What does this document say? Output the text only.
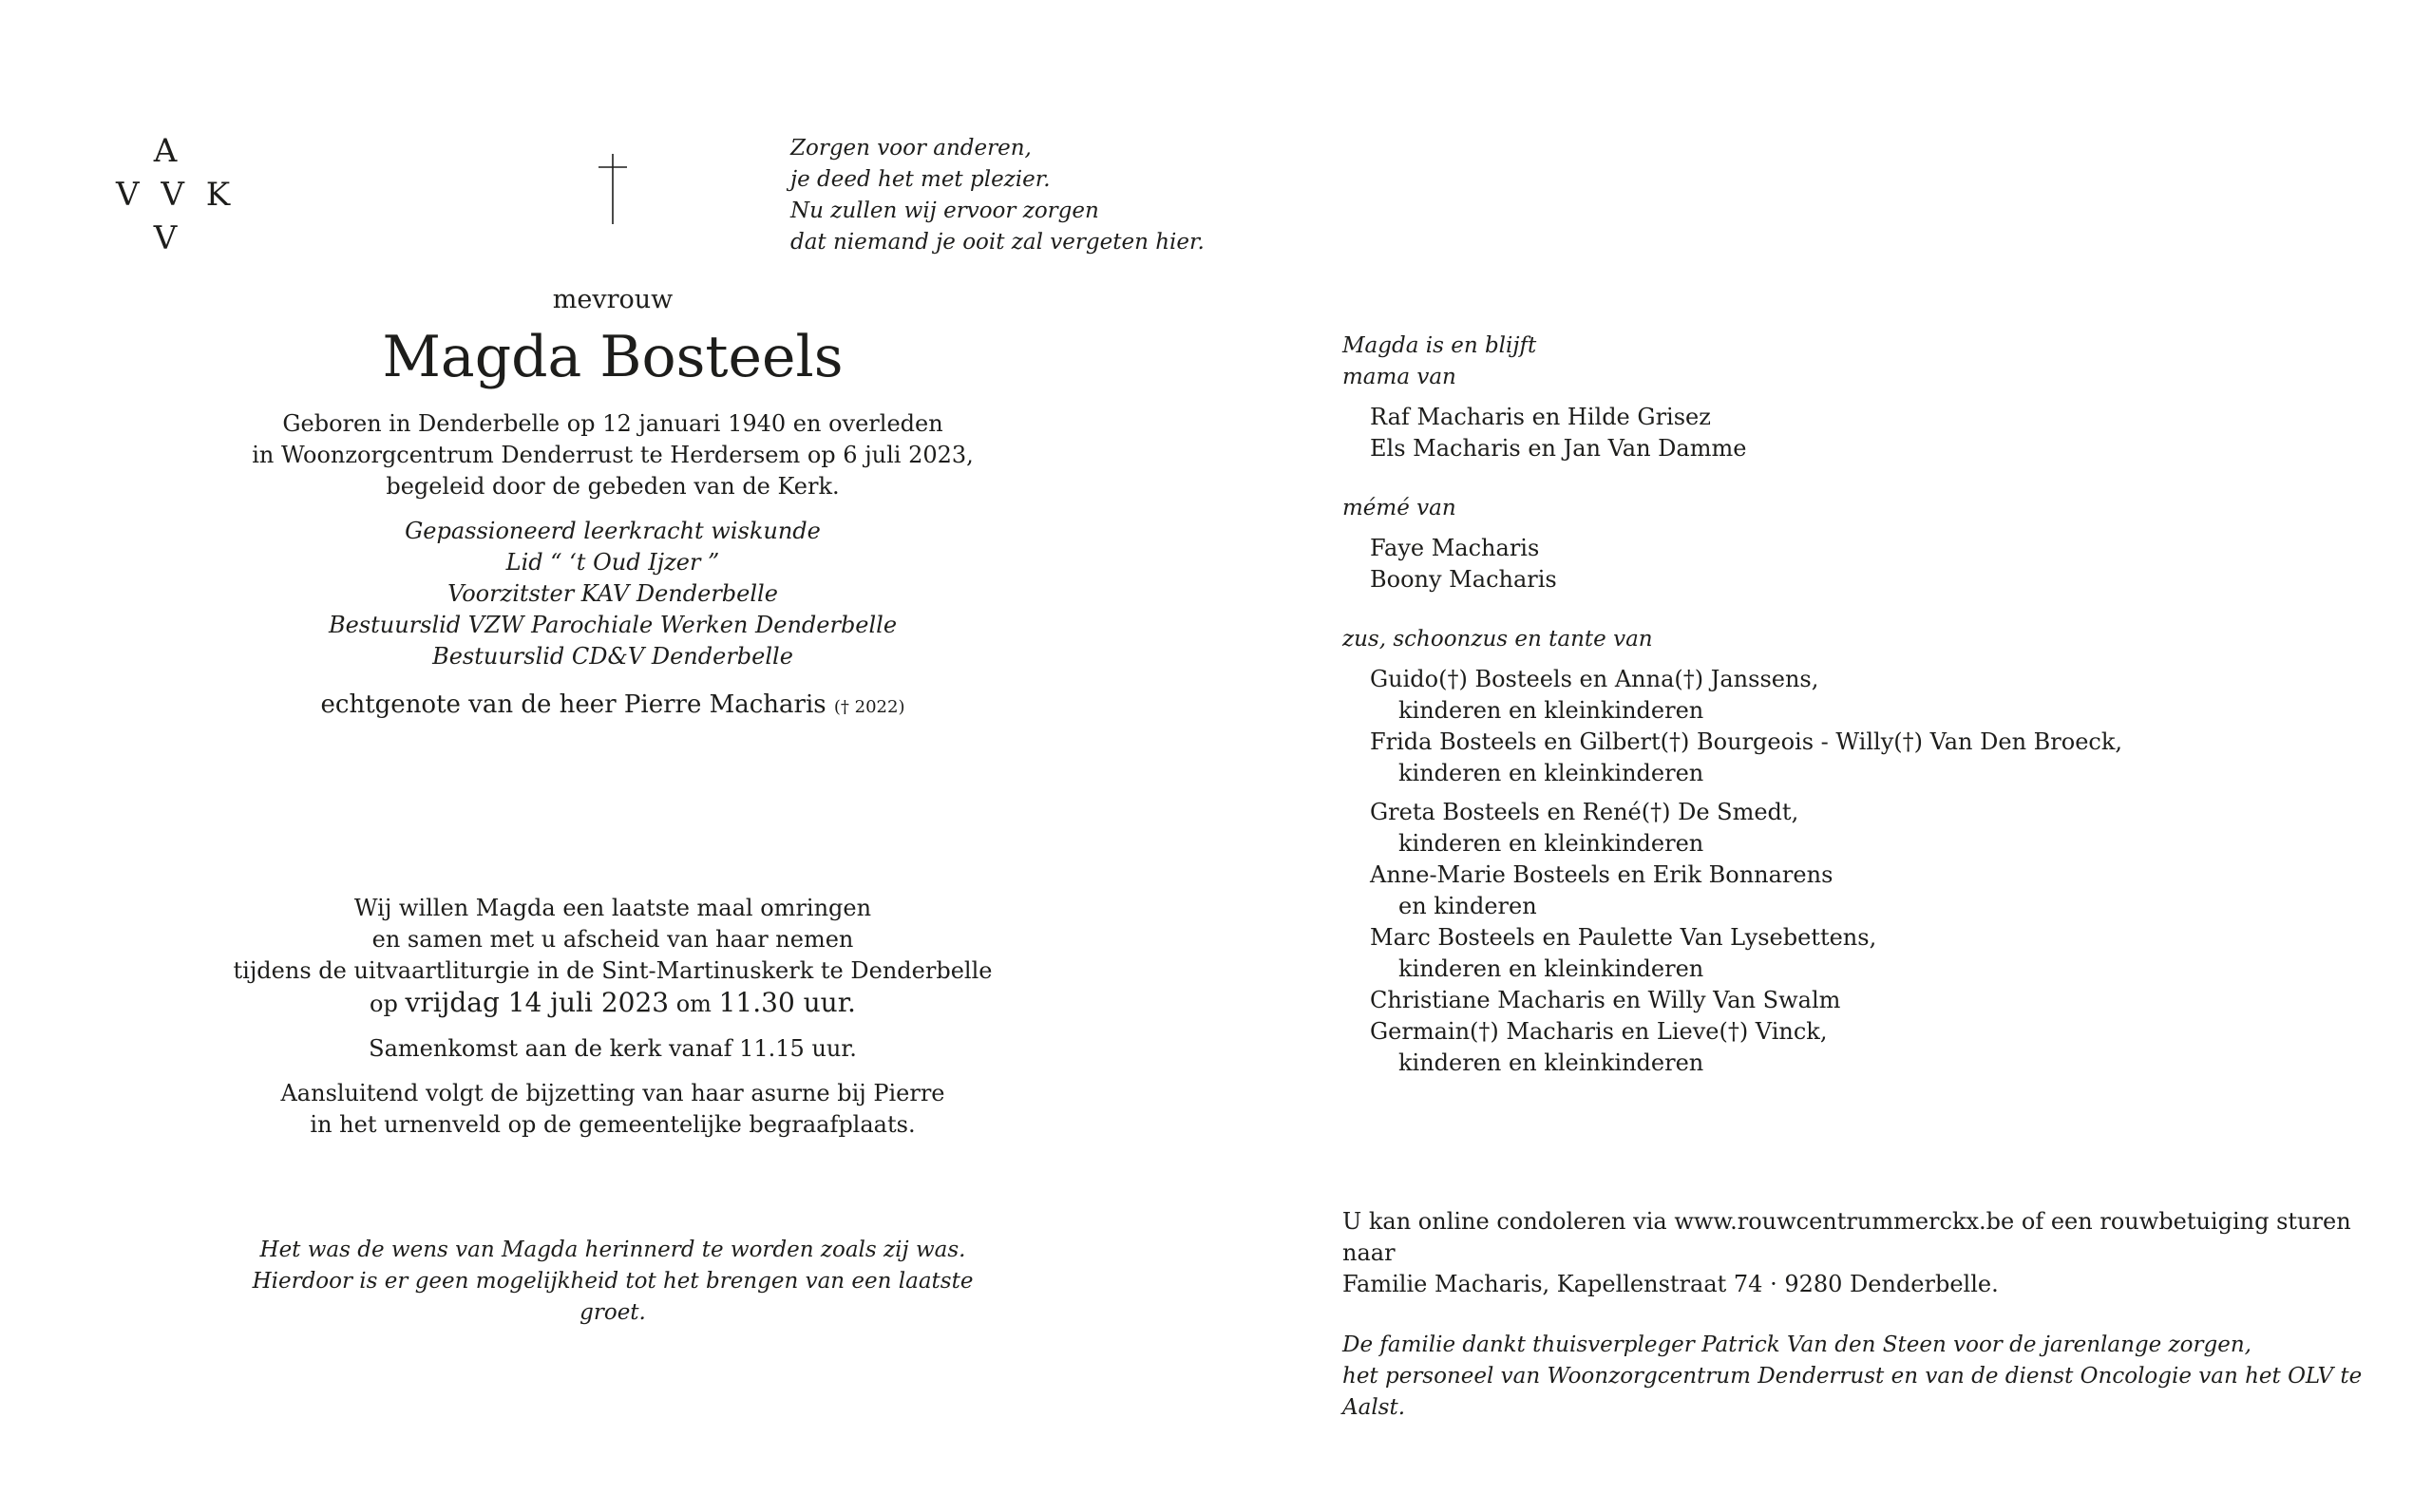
A
V V K
V
Zorgen voor anderen,
je deed het met plezier.
Nu zullen wij ervoor zorgen
dat niemand je ooit zal vergeten hier.
mevrouw
Magda Bosteels
Geboren in Denderbelle op 12 januari 1940 en overleden
in Woonzorgcentrum Denderrust te Herdersem op 6 juli 2023,
begeleid door de gebeden van de Kerk.
Gepassioneerd leerkracht wiskunde
Lid “ ‘t Oud Ijzer ”
Voorzitster KAV Denderbelle
Bestuurslid VZW Parochiale Werken Denderbelle
Bestuurslid CD&V Denderbelle
echtgenote van de heer Pierre Macharis († 2022)
Wij willen Magda een laatste maal omringen
en samen met u afscheid van haar nemen
tijdens de uitvaartliturgie in de Sint-Martinuskerk te Denderbelle
op vrijdag 14 juli 2023 om 11.30 uur.
Samenkomst aan de kerk vanaf 11.15 uur.
Aansluitend volgt de bijzetting van haar asurne bij Pierre
in het urnenveld op de gemeentelijke begraafplaats.
Het was de wens van Magda herinnerd te worden zoals zij was.
Hierdoor is er geen mogelijkheid tot het brengen van een laatste groet.
Magda is en blijft
mama van
Raf Macharis en Hilde Grisez
Els Macharis en Jan Van Damme
mémé van
Faye Macharis
Boony Macharis
zus, schoonzus en tante van
Guido(†) Bosteels en Anna(†) Janssens,
kinderen en kleinkinderen
Frida Bosteels en Gilbert(†) Bourgeois - Willy(†) Van Den Broeck,
kinderen en kleinkinderen
Greta Bosteels en René(†) De Smedt,
kinderen en kleinkinderen
Anne-Marie Bosteels en Erik Bonnarens
en kinderen
Marc Bosteels en Paulette Van Lysebettens,
kinderen en kleinkinderen
Christiane Macharis en Willy Van Swalm
Germain(†) Macharis en Lieve(†) Vinck,
kinderen en kleinkinderen
U kan online condoleren via www.rouwcentrummerckx.be of een rouwbetuiging sturen naar
Familie Macharis, Kapellenstraat 74 · 9280 Denderbelle.
De familie dankt thuisverpleger Patrick Van den Steen voor de jarenlange zorgen,
het personeel van Woonzorgcentrum Denderrust en van de dienst Oncologie van het OLV te Aalst.
